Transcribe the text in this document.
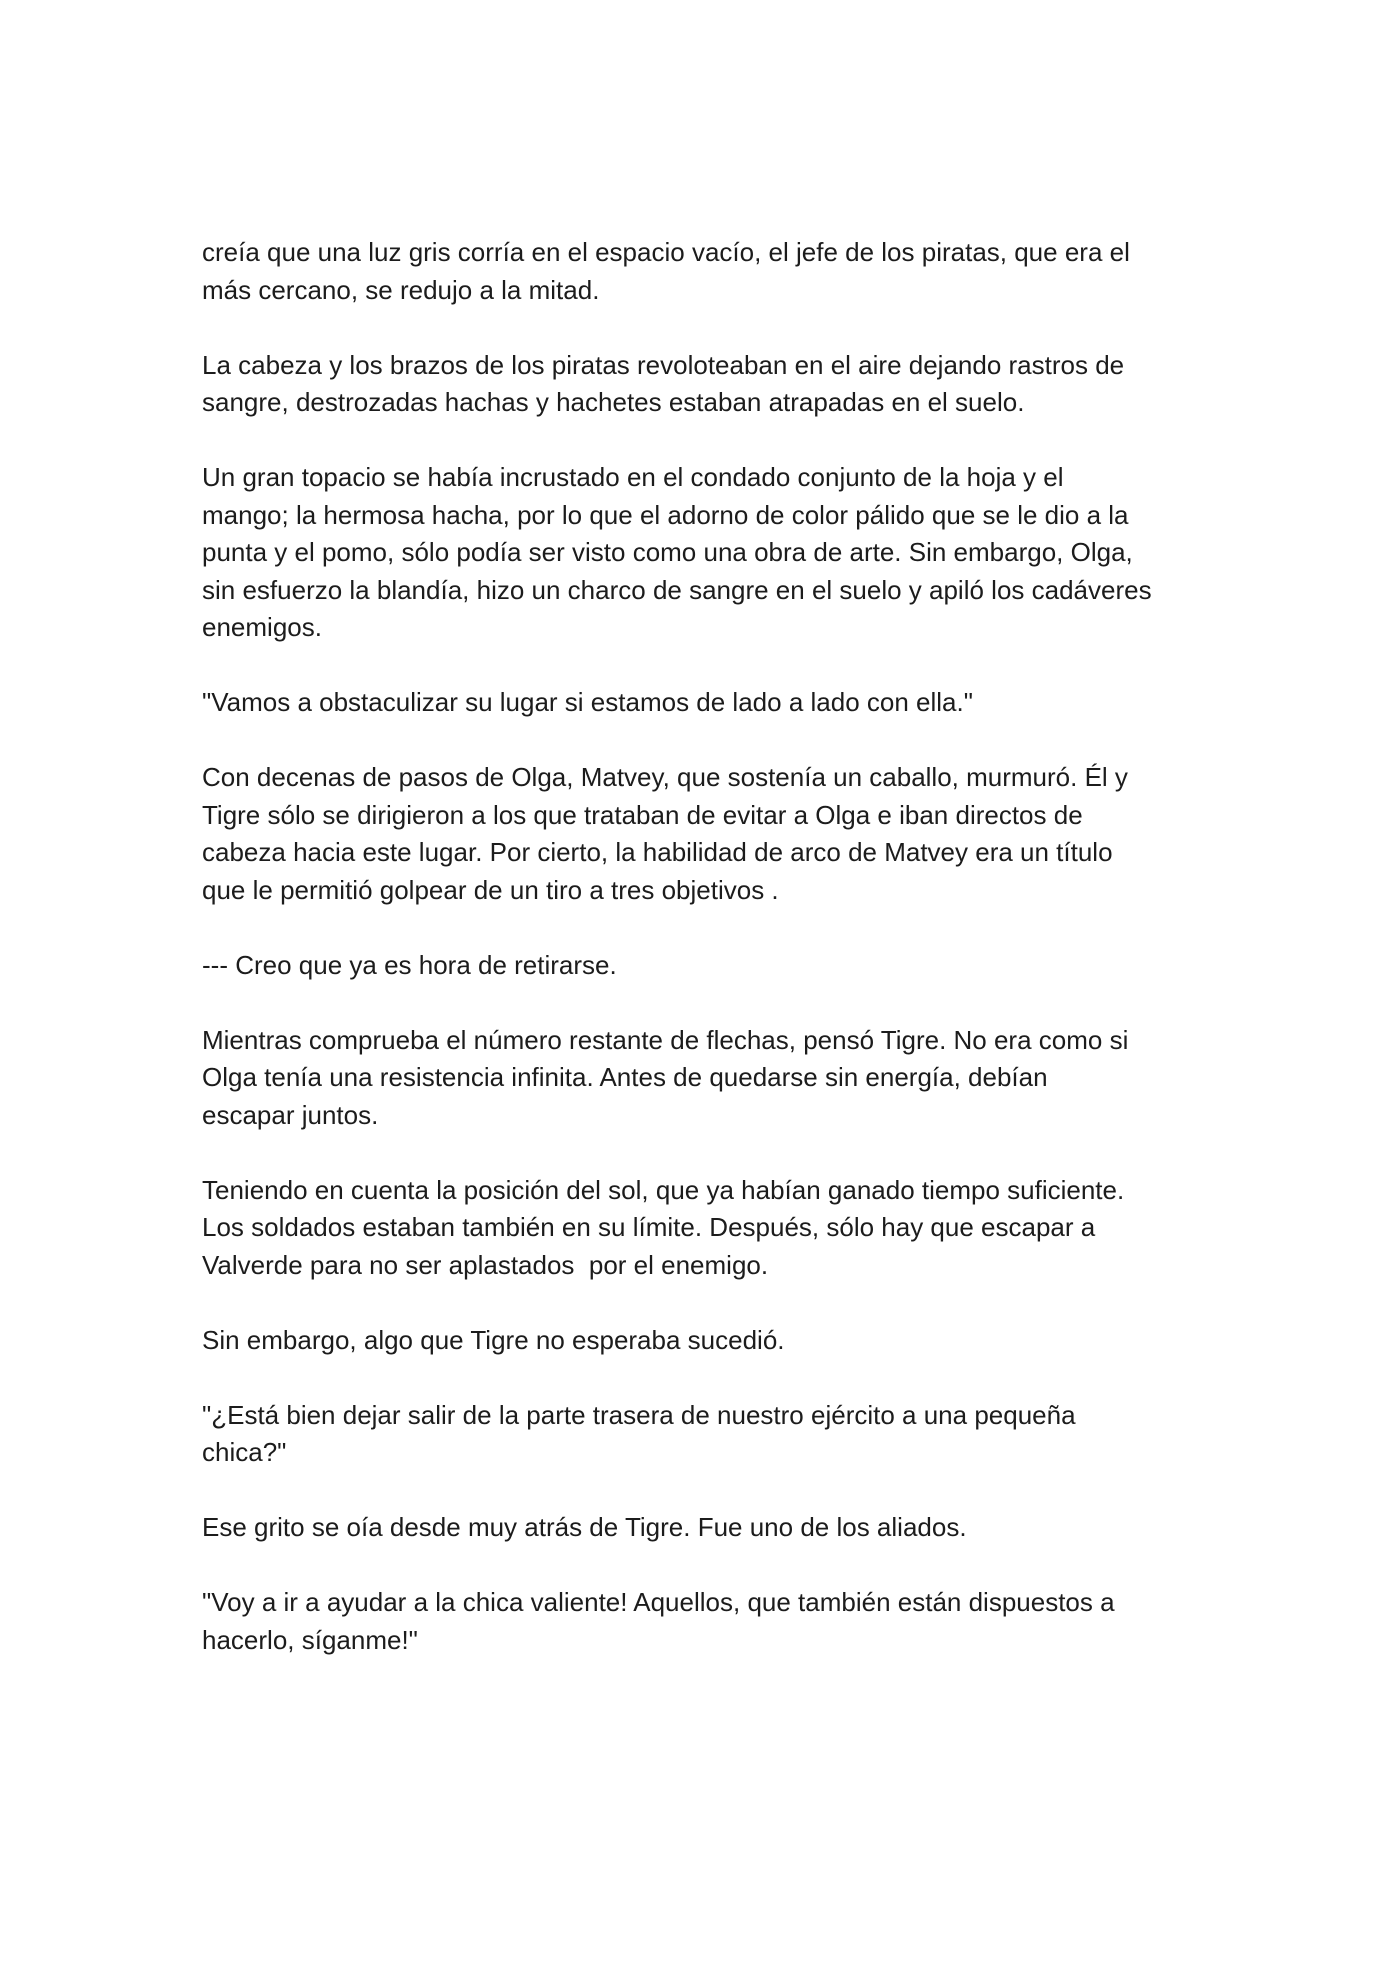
creía que una luz gris corría en el espacio vacío, el jefe de los piratas, que era el
más cercano, se redujo a la mitad.

La cabeza y los brazos de los piratas revoloteaban en el aire dejando rastros de
sangre, destrozadas hachas y hachetes estaban atrapadas en el suelo.

Un gran topacio se había incrustado en el condado conjunto de la hoja y el
mango; la hermosa hacha, por lo que el adorno de color pálido que se le dio a la
punta y el pomo, sólo podía ser visto como una obra de arte. Sin embargo, Olga,
sin esfuerzo la blandía, hizo un charco de sangre en el suelo y apiló los cadáveres
enemigos.

"Vamos a obstaculizar su lugar si estamos de lado a lado con ella."

Con decenas de pasos de Olga, Matvey, que sostenía un caballo, murmuró. Él y
Tigre sólo se dirigieron a los que trataban de evitar a Olga e iban directos de
cabeza hacia este lugar. Por cierto, la habilidad de arco de Matvey era un título
que le permitió golpear de un tiro a tres objetivos .

--- Creo que ya es hora de retirarse.

Mientras comprueba el número restante de flechas, pensó Tigre. No era como si
Olga tenía una resistencia infinita. Antes de quedarse sin energía, debían
escapar juntos.

Teniendo en cuenta la posición del sol, que ya habían ganado tiempo suficiente.
Los soldados estaban también en su límite. Después, sólo hay que escapar a
Valverde para no ser aplastados  por el enemigo.

Sin embargo, algo que Tigre no esperaba sucedió.

"¿Está bien dejar salir de la parte trasera de nuestro ejército a una pequeña
chica?"

Ese grito se oía desde muy atrás de Tigre. Fue uno de los aliados.

"Voy a ir a ayudar a la chica valiente! Aquellos, que también están dispuestos a
hacerlo, síganme!"
